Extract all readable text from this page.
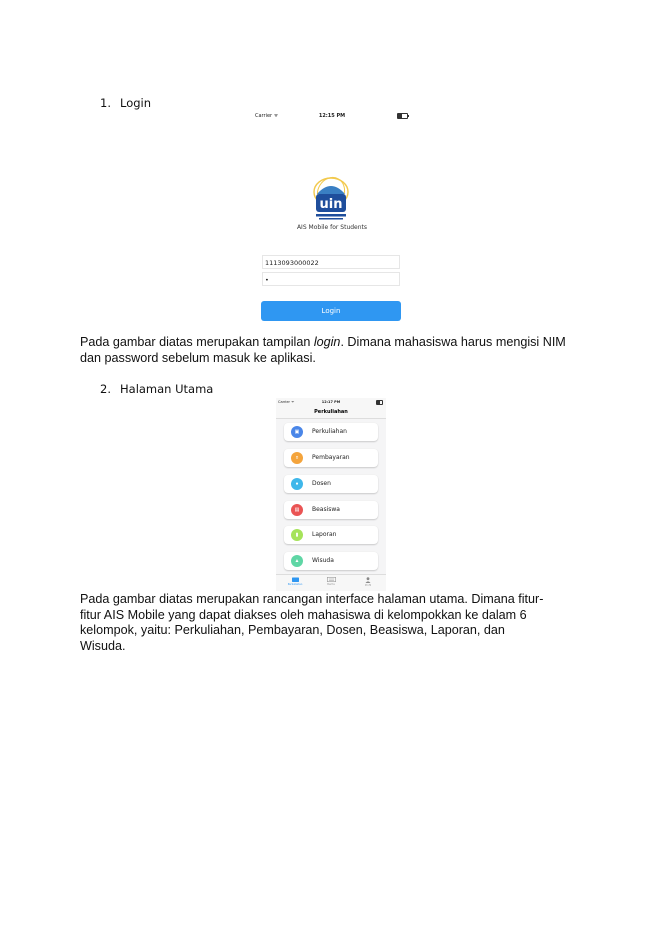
1. Login
Carrier ᯤ	12:15 PM
uin
AIS Mobile for Students
1113093000022
•
Login

Pada gambar diatas merupakan tampilan login. Dimana mahasiswa harus mengisi NIM dan password sebelum masuk ke aplikasi.

2. Halaman Utama
Carrier ᯤ	12:17 PM
Perkuliahan
▣	Perkuliahan
¤	Pembayaran
●	Dosen
▤	Beasiswa
▮	Laporan
▲	Wisuda
Perkuliahan	Berita	Profil

Pada gambar diatas merupakan rancangan interface halaman utama. Dimana fitur-

fitur AIS Mobile yang dapat diakses oleh mahasiswa di kelompokkan ke dalam 6

kelompok, yaitu: Perkuliahan, Pembayaran, Dosen, Beasiswa, Laporan, dan

Wisuda.
